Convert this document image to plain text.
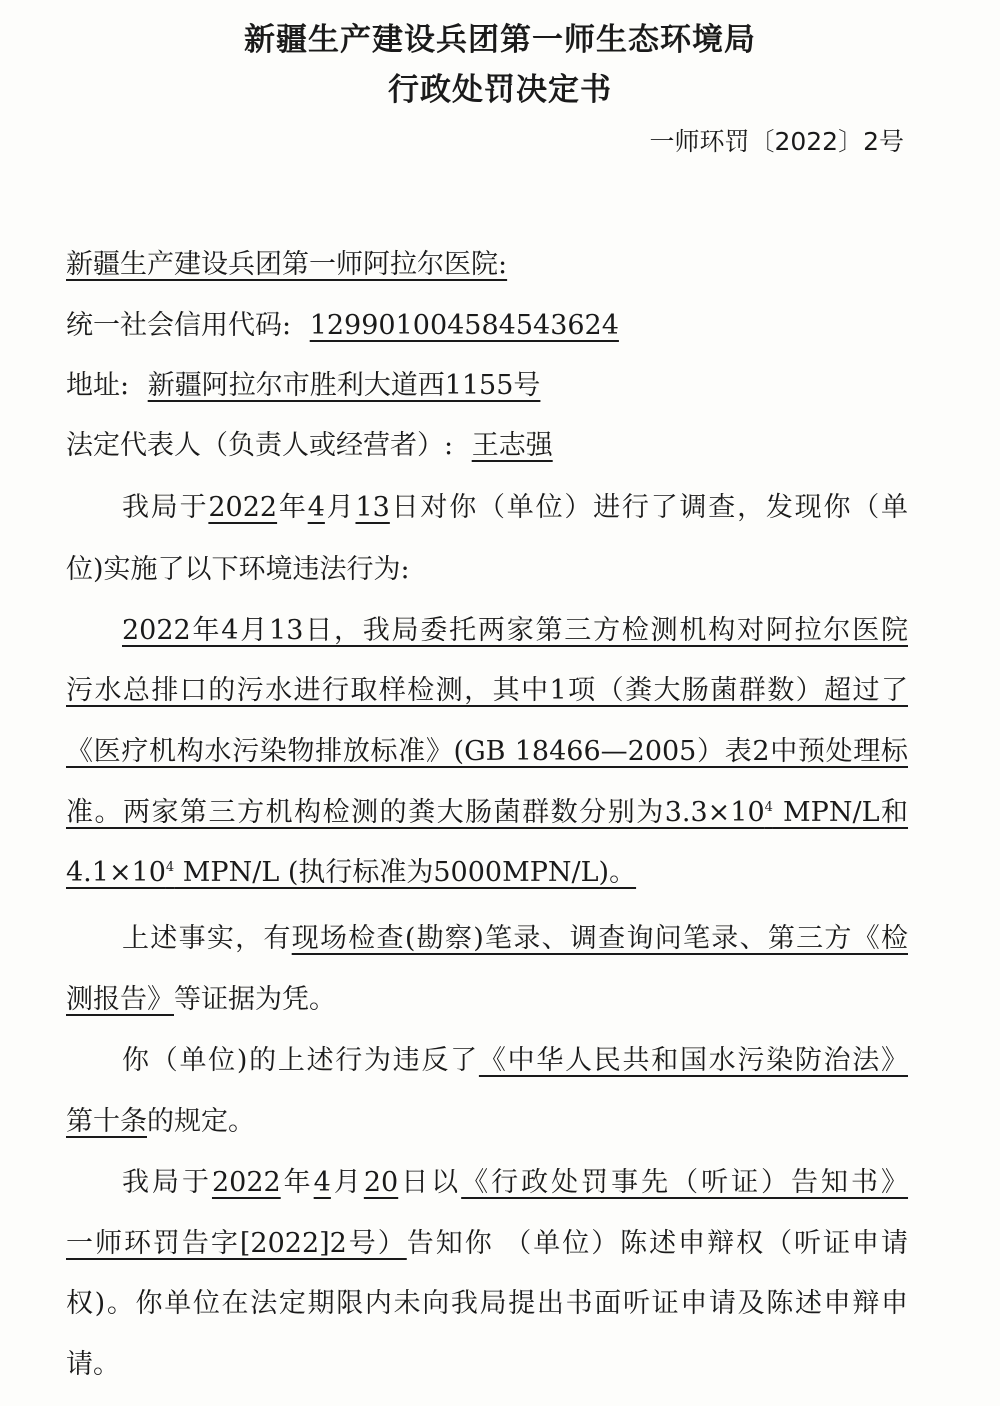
新疆生产建设兵团第一师生态环境局
行政处罚决定书
一师环罚〔2022〕2号
新疆生产建设兵团第一师阿拉尔医院:
统一社会信用代码: 129901004584543624
地址: 新疆阿拉尔市胜利大道西1155号
法定代表人（负责人或经营者）: 王志强
我局于2022年4月13日对你（单位）进行了调查，发现你（单
位)实施了以下环境违法行为:
2022年4月13日，我局委托两家第三方检测机构对阿拉尔医院
污水总排口的污水进行取样检测，其中1项（粪大肠菌群数）超过了
《医疗机构水污染物排放标准》(GB 18466—2005）表2中预处理标
准。两家第三方机构检测的粪大肠菌群数分别为$3.3\times 10^4$ MPN/L和
$4.1\times 10^4$ MPN/L (执行标准为5000MPN/L)。
上述事实，有现场检查(勘察)笔录、调查询问笔录、第三方《检
测报告》等证据为凭。
你（单位)的上述行为违反了《中华人民共和国水污染防治法》
第十条的规定。
我局于2022年4月20日以《行政处罚事先（听证）告知书》
一师环罚告字[2022]2号）告知你 （单位）陈述申辩权（听证申请
权)。你单位在法定期限内未向我局提出书面听证申请及陈述申辩申
请。
